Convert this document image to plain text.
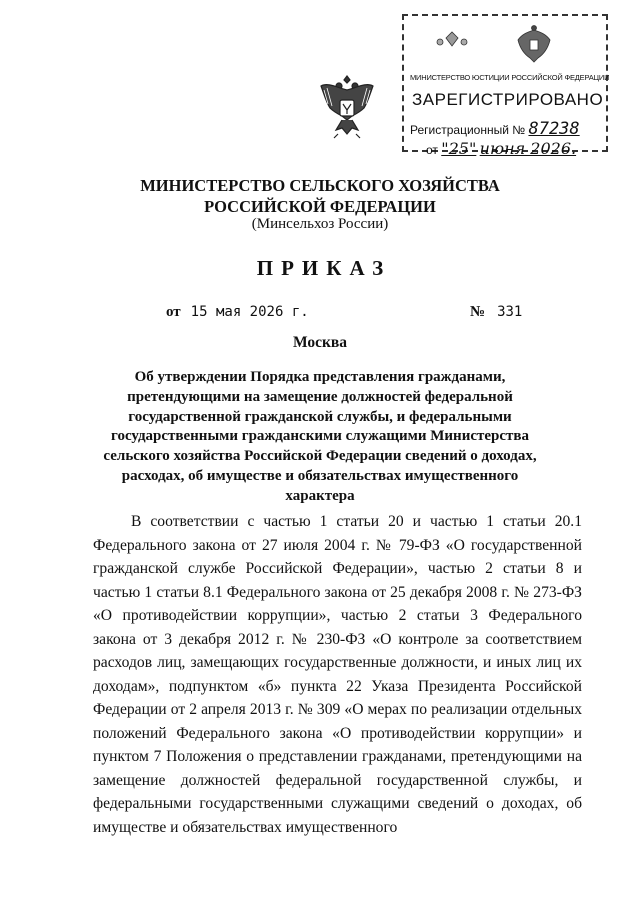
МИНИСТЕРСТВО ЮСТИЦИИ РОССИЙСКОЙ ФЕДЕРАЦИИ
ЗАРЕГИСТРИРОВАНО
Регистрационный № 87238
от "25" июня 2026.
МИНИСТЕРСТВО СЕЛЬСКОГО ХОЗЯЙСТВА
РОССИЙСКОЙ ФЕДЕРАЦИИ
(Минсельхоз России)
ПРИКАЗ
от 15 мая 2026 г.	№ 331
Москва
Об утверждении Порядка представления гражданами, претендующими на замещение должностей федеральной государственной гражданской службы, и федеральными государственными гражданскими служащими Министерства сельского хозяйства Российской Федерации сведений о доходах, расходах, об имуществе и обязательствах имущественного характера

В соответствии с частью 1 статьи 20 и частью 1 статьи 20.1 Федерального закона от 27 июля 2004 г. № 79-ФЗ «О государственной гражданской службе Российской Федерации», частью 2 статьи 8 и частью 1 статьи 8.1 Федерального закона от 25 декабря 2008 г. № 273-ФЗ «О противодействии коррупции», частью 2 статьи 3 Федерального закона от 3 декабря 2012 г. № 230-ФЗ «О контроле за соответствием расходов лиц, замещающих государственные должности, и иных лиц их доходам», подпунктом «б» пункта 22 Указа Президента Российской Федерации от 2 апреля 2013 г. № 309 «О мерах по реализации отдельных положений Федерального закона «О противодействии коррупции» и пунктом 7 Положения о представлении гражданами, претендующими на замещение должностей федеральной государственной службы, и федеральными государственными служащими сведений о доходах, об имуществе и обязательствах имущественного
